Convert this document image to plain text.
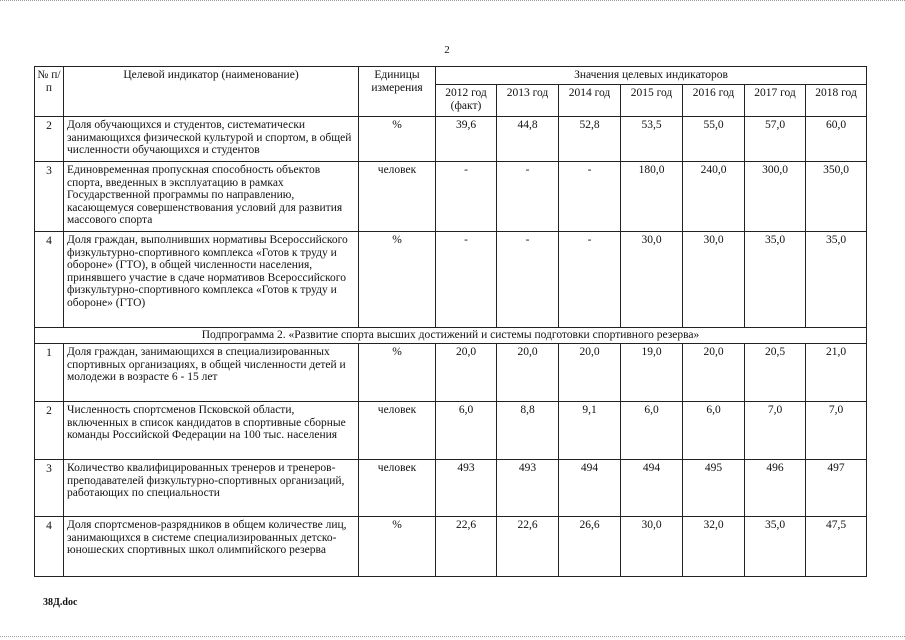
2
№ п/п	Целевой индикатор (наименование)	Единицы измерения	Значения целевых индикаторов						
			2012 год (факт)	2013 год	2014 год	2015 год	2016 год	2017 год	2018 год
2	Доля обучающихся и студентов, систематически занимающихся физической культурой и спортом, в общей численности обучающихся и студентов	%	39,6	44,8	52,8	53,5	55,0	57,0	60,0
3	Единовременная пропускная способность объектов спорта, введенных в эксплуатацию в рамках Государственной программы по направлению, касающемуся совершенствования условий для развития массового спорта	человек	-	-	-	180,0	240,0	300,0	350,0
4	Доля граждан, выполнивших нормативы Всероссийского физкультурно-спортивного комплекса «Готов к труду и обороне» (ГТО), в общей численности населения, принявшего участие в сдаче нормативов Всероссийского физкультурно-спортивного комплекса «Готов к труду и обороне» (ГТО)	%	-	-	-	30,0	30,0	35,0	35,0
Подпрограмма 2. «Развитие спорта высших достижений и системы подготовки спортивного резерва»									
1	Доля граждан, занимающихся в специализированных спортивных организациях, в общей численности детей и молодежи в возрасте 6 - 15 лет	%	20,0	20,0	20,0	19,0	20,0	20,5	21,0
2	Численность спортсменов Псковской области, включенных в список кандидатов в спортивные сборные команды Российской Федерации на 100 тыс. населения	человек	6,0	8,8	9,1	6,0	6,0	7,0	7,0
3	Количество квалифицированных тренеров и тренеров-преподавателей физкультурно-спортивных организаций, работающих по специальности	человек	493	493	494	494	495	496	497
4	Доля спортсменов-разрядников в общем количестве лиц, занимающихся в системе специализированных детско-юношеских спортивных школ олимпийского резерва	%	22,6	22,6	26,6	30,0	32,0	35,0	47,5
38Д.doc
